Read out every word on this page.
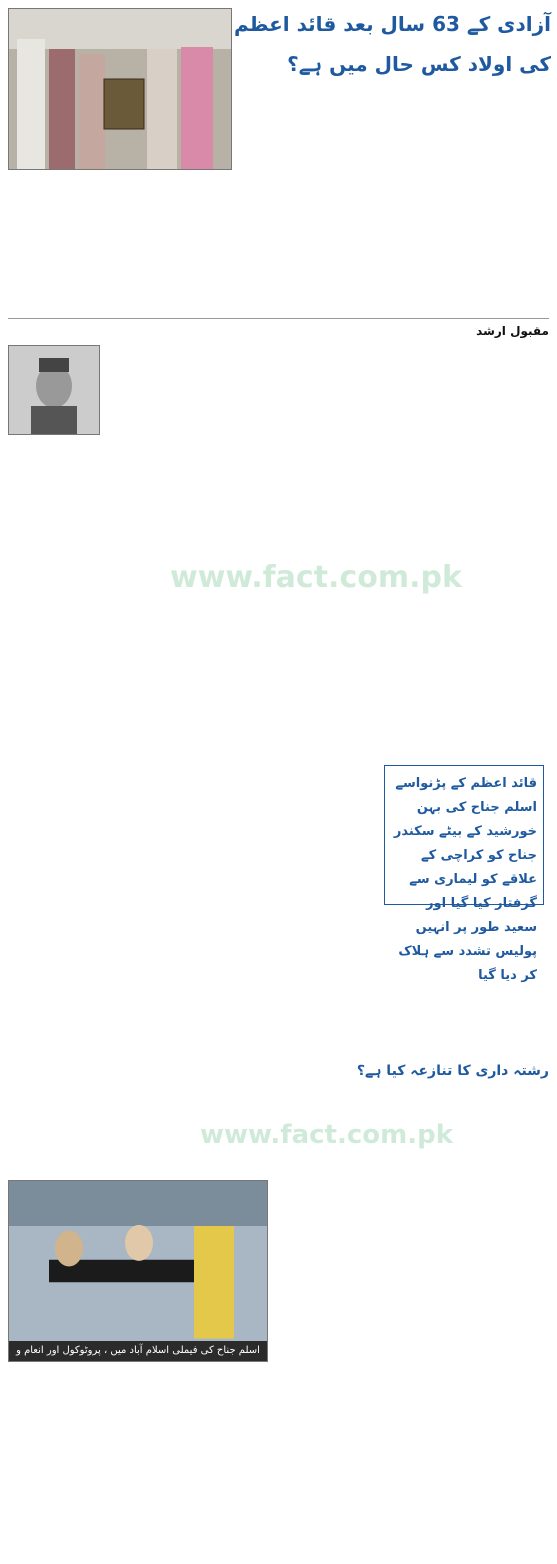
آزادی کے 63 سال بعد قائد اعظم کی اولاد کس حال میں ہے؟
مقبول ارشد
قائد اعظم کے پڑنواسے اسلم جناح کی بہن خورشید کے بیٹے سکندر جناح کو کراچی کے علاقے کو لیماری سے گرفتار کیا گیا اور سعید طور پر انہیں پولیس تشدد سے ہلاک کر دیا گیا
رشتہ داری کا تنازعہ کیا ہے؟
اسلم جناح کی فیملی اسلام آباد میں ، پروٹوکول اور انعام و اکرام
www.fact.com.pk
www.fact.com.pk
